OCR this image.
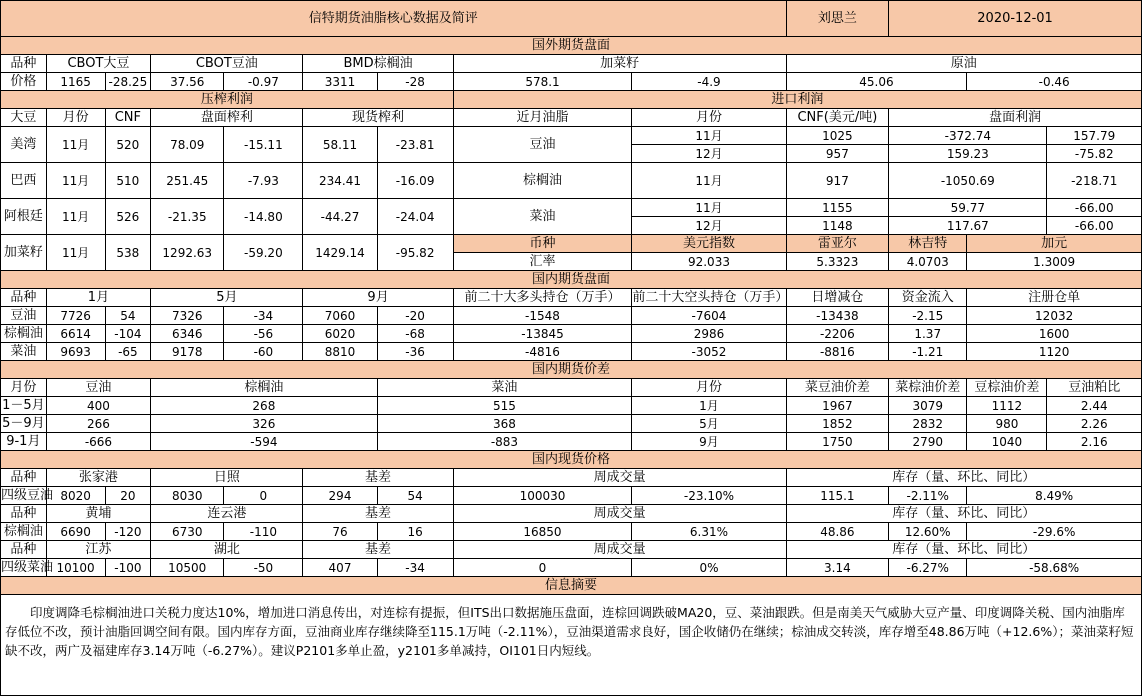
信特期货油脂核心数据及简评									刘思兰	2020-12-01		
国外期货盘面												
品种	CBOT大豆		CBOT豆油		BMD棕榈油		加菜籽		原油			
价格	1165	-28.25	37.56	-0.97	3311	-28	578.1	-4.9	45.06		-0.46	
压榨利润							进口利润					
大豆	月份	CNF	盘面榨利		现货榨利		近月油脂	月份	CNF(美元/吨)	盘面利润		
美湾	11月	520	78.09	-15.11	58.11	-23.81	豆油	11月	1025	-372.74		157.79
								12月	957	159.23		-75.82
巴西	11月	510	251.45	-7.93	234.41	-16.09	棕榈油	11月	917	-1050.69		-218.71
阿根廷	11月	526	-21.35	-14.80	-44.27	-24.04	菜油	11月	1155	59.77		-66.00
								12月	1148	117.67		-66.00
加菜籽	11月	538	1292.63	-59.20	1429.14	-95.82	币种	美元指数	雷亚尔	林吉特	加元	
							汇率	92.033	5.3323	4.0703	1.3009	
国内期货盘面												
品种	1月		5月		9月		前二十大多头持仓（万手）	前二十大空头持仓（万手）	日增减仓	资金流入	注册仓单	
豆油	7726	54	7326	-34	7060	-20	-1548	-7604	-13438	-2.15	12032	
棕榈油	6614	-104	6346	-56	6020	-68	-13845	2986	-2206	1.37	1600	
菜油	9693	-65	9178	-60	8810	-36	-4816	-3052	-8816	-1.21	1120	
国内期货价差												
月份	豆油		棕榈油			菜油		月份	菜豆油价差	菜棕油价差	豆棕油价差	豆油粕比
1－5月	400		268			515		1月	1967	3079	1112	2.44
5－9月	266		326			368		5月	1852	2832	980	2.26
9-1月	-666		-594			-883		9月	1750	2790	1040	2.16
国内现货价格												
品种	张家港		日照		基差		周成交量		库存（量、环比、同比）			
四级豆油	8020	20	8030	0	294	54	100030	-23.10%	115.1	-2.11%	8.49%	
品种	黄埔		连云港		基差		周成交量		库存（量、环比、同比）			
棕榈油	6690	-120	6730	-110	76	16	16850	6.31%	48.86	12.60%	-29.6%	
品种	江苏		湖北		基差		周成交量		库存（量、环比、同比）			
四级菜油	10100	-100	10500	-50	407	-34	0	0%	3.14	-6.27%	-58.68%	
信息摘要												
　　印度调降毛棕榈油进口关税力度达10%，增加进口消息传出，对连棕有提振，但ITS出口数据施压盘面，连棕回调跌破MA20，豆、菜油跟跌。但是南美天气威胁大豆产量、印度调降关税、国内油脂库存低位不改，预计油脂回调空间有限。国内库存方面，豆油商业库存继续降至115.1万吨（-2.11%），豆油渠道需求良好，国企收储仍在继续；棕油成交转淡，库存增至48.86万吨（+12.6%）；菜油菜籽短缺不改，两广及福建库存3.14万吨（-6.27%）。建议P2101多单止盈，y2101多单减持，OI101日内短线。												
